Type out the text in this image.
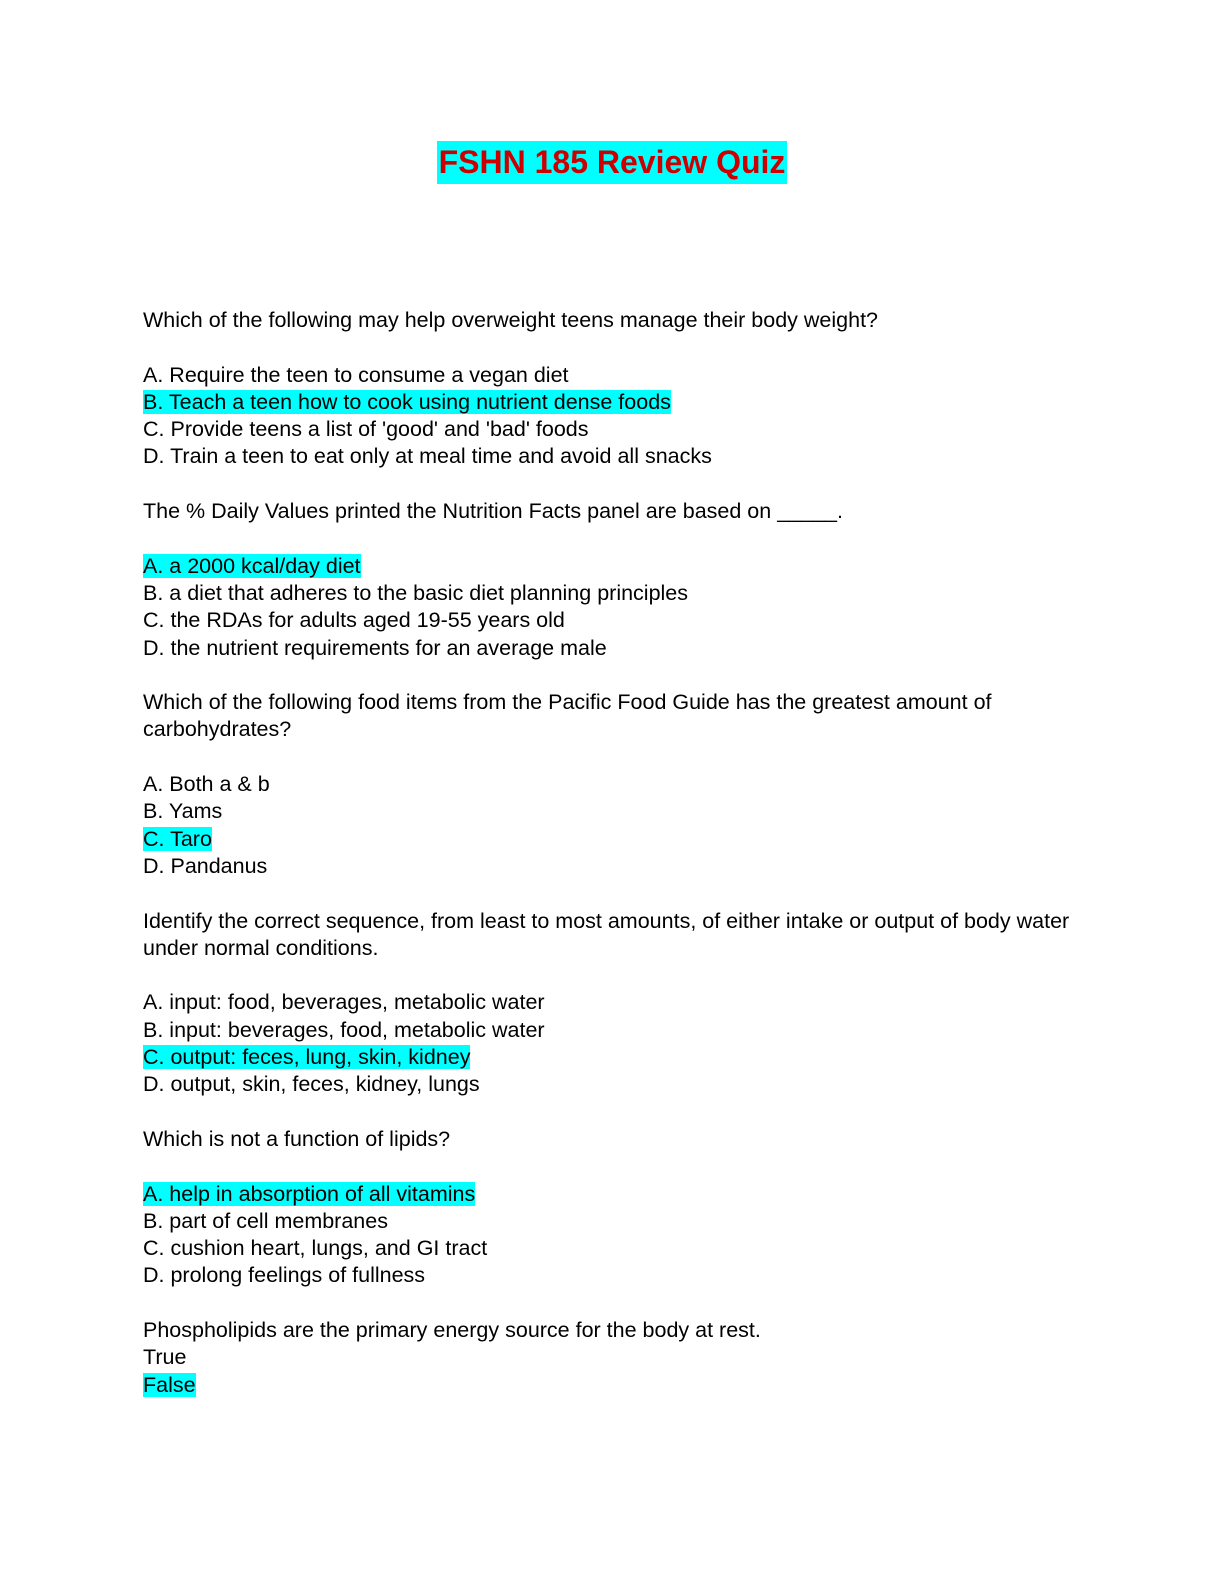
FSHN 185 Review Quiz
Which of the following may help overweight teens manage their body weight?
A. Require the teen to consume a vegan diet
B. Teach a teen how to cook using nutrient dense foods
C. Provide teens a list of 'good' and 'bad' foods
D. Train a teen to eat only at meal time and avoid all snacks
The % Daily Values printed the Nutrition Facts panel are based on _____.
A. a 2000 kcal/day diet
B. a diet that adheres to the basic diet planning principles
C. the RDAs for adults aged 19-55 years old
D. the nutrient requirements for an average male
Which of the following food items from the Pacific Food Guide has the greatest amount of carbohydrates?
A. Both a & b
B. Yams
C. Taro
D. Pandanus
Identify the correct sequence, from least to most amounts, of either intake or output of body water under normal conditions.
A. input: food, beverages, metabolic water
B. input: beverages, food, metabolic water
C. output: feces, lung, skin, kidney
D. output, skin, feces, kidney, lungs
Which is not a function of lipids?
A. help in absorption of all vitamins
B. part of cell membranes
C. cushion heart, lungs, and GI tract
D. prolong feelings of fullness
Phospholipids are the primary energy source for the body at rest.
True
False
